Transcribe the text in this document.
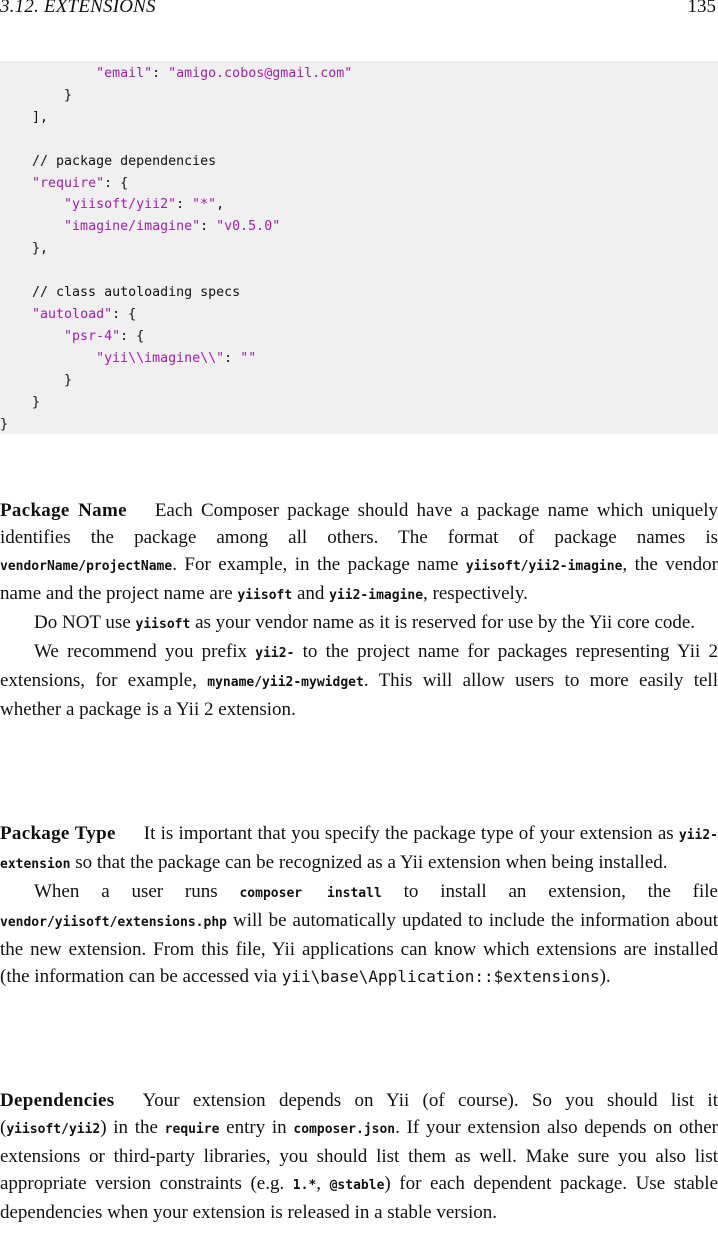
3.12. EXTENSIONS	135
"email": "amigo.cobos@gmail.com"
}
],

// package dependencies
"require": {
"yiisoft/yii2": "*",
"imagine/imagine": "v0.5.0"
},

// class autoloading specs
"autoload": {
"psr-4": {
"yii\\imagine\\": ""
}
}
}

Package Name Each Composer package should have a package name which uniquely identifies the package among all others. The format of package names is vendorName/projectName. For example, in the package name yiisoft/yii2-imagine, the vendor name and the project name are yiisoft and yii2-imagine, respectively.

Do NOT use yiisoft as your vendor name as it is reserved for use by the Yii core code.

We recommend you prefix yii2- to the project name for packages representing Yii 2 extensions, for example, myname/yii2-mywidget. This will allow users to more easily tell whether a package is a Yii 2 extension.

Package Type It is important that you specify the package type of your extension as yii2-extension so that the package can be recognized as a Yii extension when being installed.

When a user runs composer install to install an extension, the file vendor/yiisoft/extensions.php will be automatically updated to include the information about the new extension. From this file, Yii applications can know which extensions are installed (the information can be accessed via yii\base\Application::$extensions).

Dependencies Your extension depends on Yii (of course). So you should list it (yiisoft/yii2) in the require entry in composer.json. If your extension also depends on other extensions or third-party libraries, you should list them as well. Make sure you also list appropriate version constraints (e.g. 1.*, @stable) for each dependent package. Use stable dependencies when your extension is released in a stable version.
